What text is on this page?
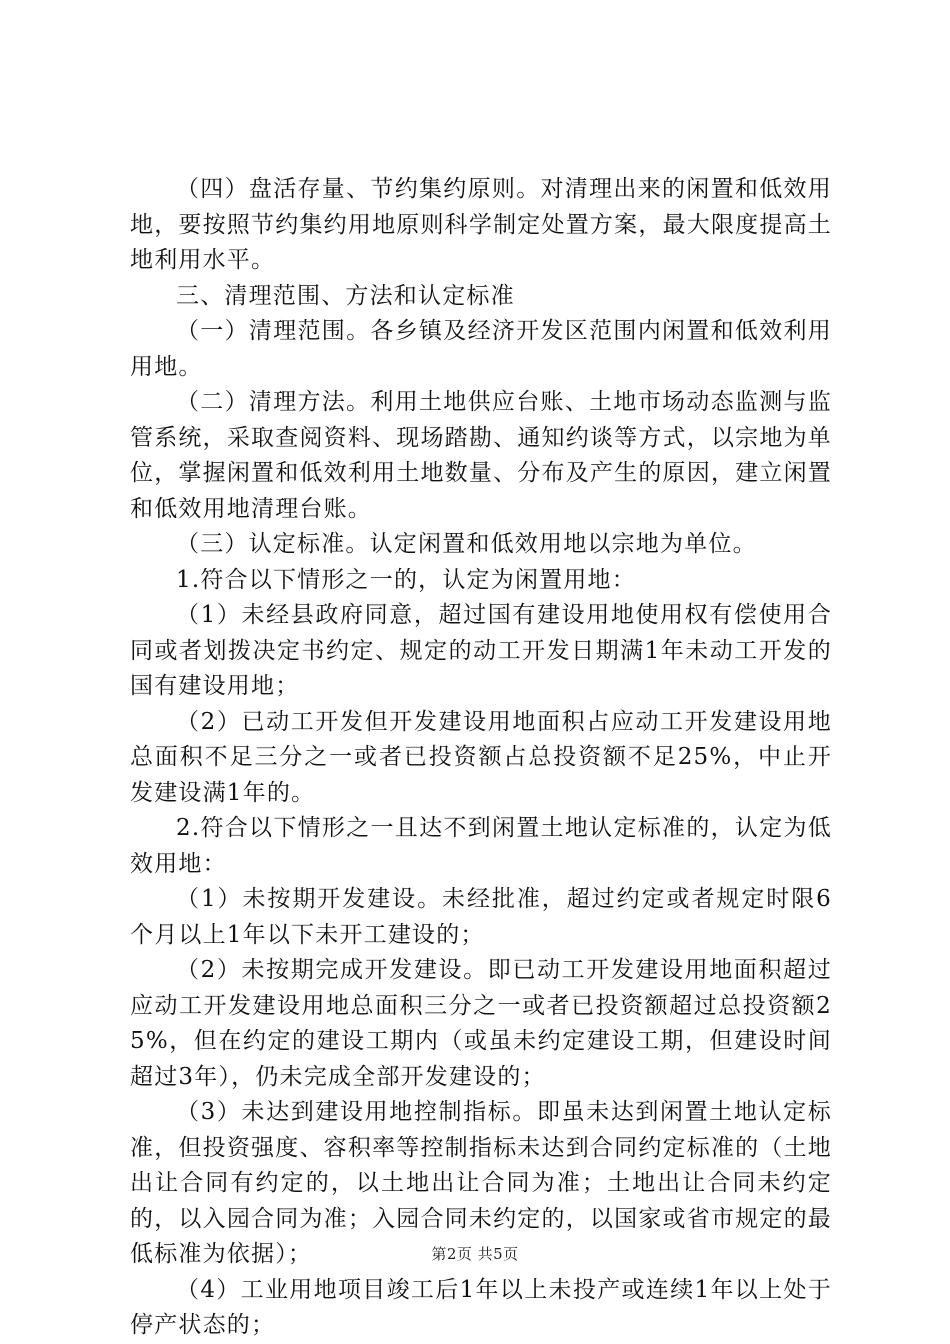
（四）盘活存量、节约集约原则。对清理出来的闲置和低效用地，要按照节约集约用地原则科学制定处置方案，最大限度提高土地利用水平。

三、清理范围、方法和认定标准

（一）清理范围。各乡镇及经济开发区范围内闲置和低效利用用地。

（二）清理方法。利用土地供应台账、土地市场动态监测与监管系统，采取查阅资料、现场踏勘、通知约谈等方式，以宗地为单位，掌握闲置和低效利用土地数量、分布及产生的原因，建立闲置和低效用地清理台账。

（三）认定标准。认定闲置和低效用地以宗地为单位。

1.符合以下情形之一的，认定为闲置用地：

（1）未经县政府同意，超过国有建设用地使用权有偿使用合同或者划拨决定书约定、规定的动工开发日期满1年未动工开发的国有建设用地；

（2）已动工开发但开发建设用地面积占应动工开发建设用地总面积不足三分之一或者已投资额占总投资额不足25%，中止开发建设满1年的。

2.符合以下情形之一且达不到闲置土地认定标准的，认定为低效用地：

（1）未按期开发建设。未经批准，超过约定或者规定时限6个月以上1年以下未开工建设的；

（2）未按期完成开发建设。即已动工开发建设用地面积超过应动工开发建设用地总面积三分之一或者已投资额超过总投资额25%，但在约定的建设工期内（或虽未约定建设工期，但建设时间超过3年），仍未完成全部开发建设的；

（3）未达到建设用地控制指标。即虽未达到闲置土地认定标准，但投资强度、容积率等控制指标未达到合同约定标准的（土地出让合同有约定的，以土地出让合同为准；土地出让合同未约定的，以入园合同为准；入园合同未约定的，以国家或省市规定的最低标准为依据）；

（4）工业用地项目竣工后1年以上未投产或连续1年以上处于停产状态的；

第2页 共5页
